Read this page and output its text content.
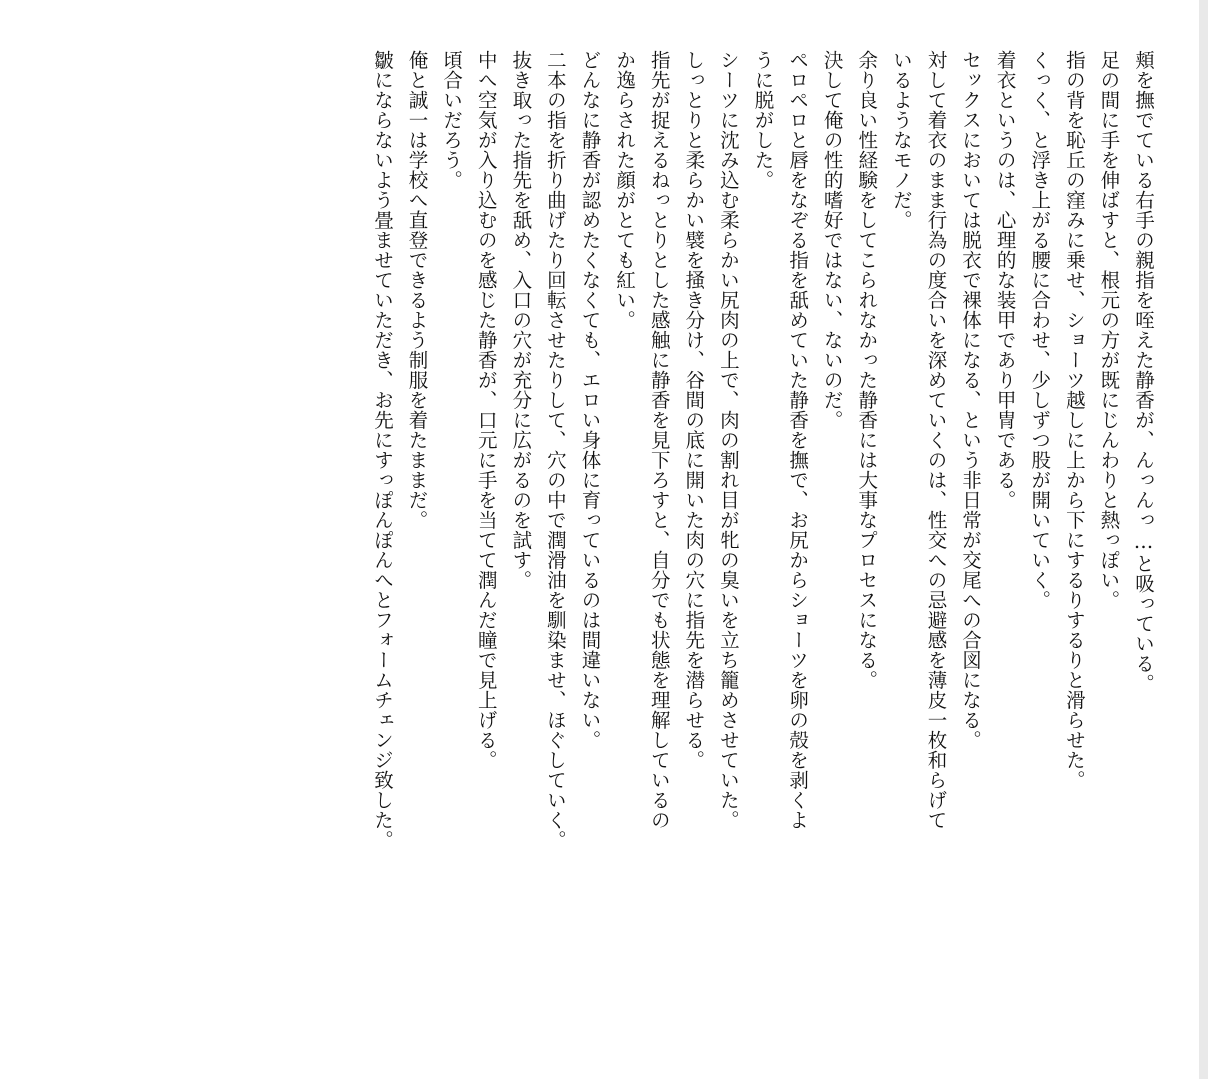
頬を撫でている右手の親指を咥えた静香が、んっんっ…と吸っている。
足の間に手を伸ばすと、根元の方が既にじんわりと熱っぽい。
指の背を恥丘の窪みに乗せ、ショーツ越しに上から下にするりするりと滑らせた。
くっく、と浮き上がる腰に合わせ、少しずつ股が開いていく。
着衣というのは、心理的な装甲であり甲冑である。
セックスにおいては脱衣で裸体になる、という非日常が交尾への合図になる。
対して着衣のまま行為の度合いを深めていくのは、性交への忌避感を薄皮一枚和らげて
いるようなモノだ。
余り良い性経験をしてこられなかった静香には大事なプロセスになる。
決して俺の性的嗜好ではない、ないのだ。
ペロペロと唇をなぞる指を舐めていた静香を撫で、お尻からショーツを卵の殻を剥くよ
うに脱がした。
シーツに沈み込む柔らかい尻肉の上で、肉の割れ目が牝の臭いを立ち籠めさせていた。
しっとりと柔らかい襞を掻き分け、谷間の底に開いた肉の穴に指先を潜らせる。
指先が捉えるねっとりとした感触に静香を見下ろすと、自分でも状態を理解しているの
か逸らされた顔がとても紅い。
どんなに静香が認めたくなくても、エロい身体に育っているのは間違いない。
二本の指を折り曲げたり回転させたりして、穴の中で潤滑油を馴染ませ、ほぐしていく。
抜き取った指先を舐め、入口の穴が充分に広がるのを試す。
中へ空気が入り込むのを感じた静香が、口元に手を当てて潤んだ瞳で見上げる。
頃合いだろう。
俺と誠一は学校へ直登できるよう制服を着たままだ。
皺にならないよう畳ませていただき、お先にすっぽんぽんへとフォームチェンジ致した。
